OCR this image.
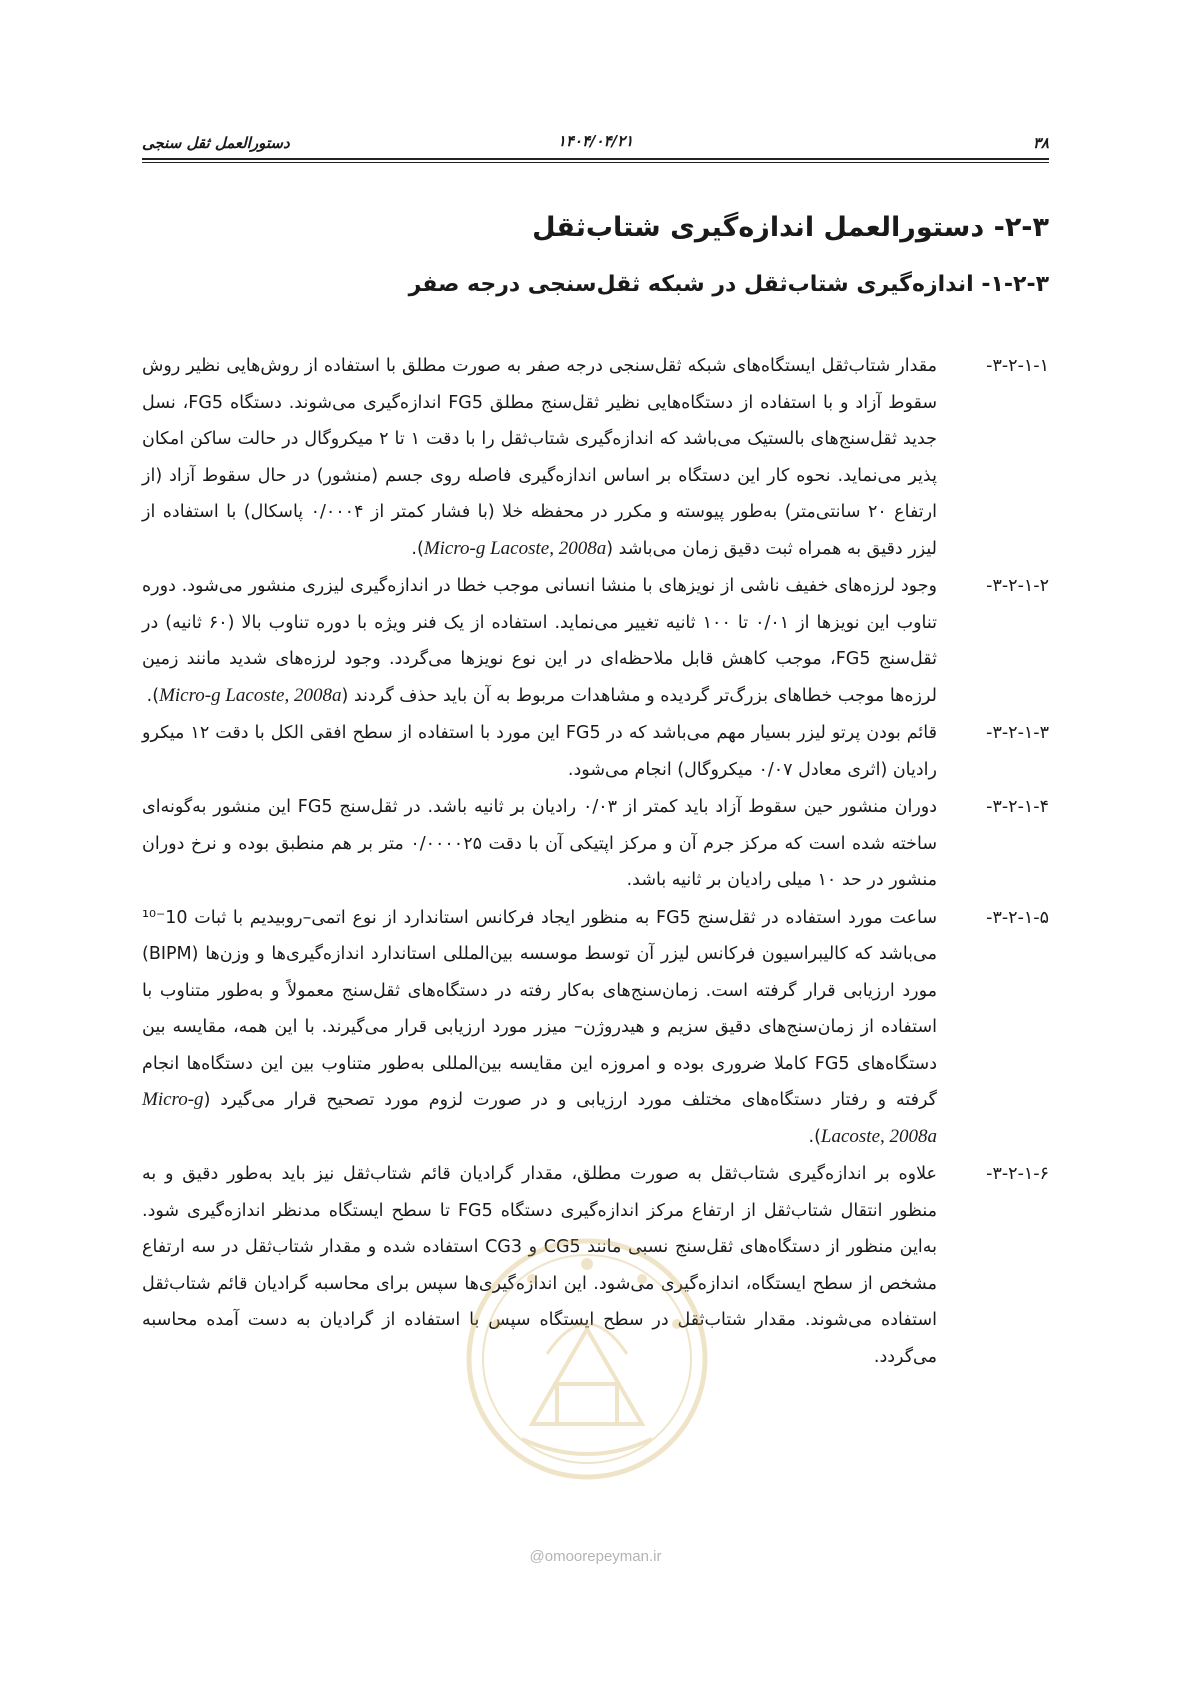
۳۸
۱۴۰۴/۰۴/۲۱
دستورالعمل ثقل سنجی
۲-۳- دستورالعمل اندازه‌گیری شتاب‌ثقل
۱-۲-۳- اندازه‌گیری شتاب‌ثقل در شبکه ثقل‌سنجی درجه صفر
۳-۲-۱-۱-

مقدار شتاب‌ثقل ایستگاه‌های شبکه ثقل‌سنجی درجه صفر به صورت مطلق با استفاده از روش‌هایی نظیر روش سقوط آزاد و با استفاده از دستگاه‌هایی نظیر ثقل‌سنج مطلق FG5 اندازه‌گیری می‌شوند. دستگاه FG5، نسل جدید ثقل‌سنج‌های بالستیک می‌باشد که اندازه‌گیری شتاب‌ثقل را با دقت ۱ تا ۲ میکروگال در حالت ساکن امکان پذیر می‌نماید. نحوه کار این دستگاه بر اساس اندازه‌گیری فاصله روی جسم (منشور) در حال سقوط آزاد (از ارتفاع ۲۰ سانتی‌متر) به‌طور پیوسته و مکرر در محفظه خلا (با فشار کمتر از ۰/۰۰۰۴ پاسکال) با استفاده از لیزر دقیق به همراه ثبت دقیق زمان می‌باشد (Micro-g Lacoste, 2008a).

۳-۲-۱-۲-

وجود لرزه‌های خفیف ناشی از نویزهای با منشا انسانی موجب خطا در اندازه‌گیری لیزری منشور می‌شود. دوره تناوب این نویزها از ۰/۰۱ تا ۱۰۰ ثانیه تغییر می‌نماید. استفاده از یک فنر ویژه با دوره تناوب بالا (۶۰ ثانیه) در ثقل‌سنج FG5، موجب کاهش قابل ملاحظه‌ای در این نوع نویزها می‌گردد. وجود لرزه‌های شدید مانند زمین لرزه‌ها موجب خطاهای بزرگ‌تر گردیده و مشاهدات مربوط به آن باید حذف گردند (Micro-g Lacoste, 2008a).

۳-۲-۱-۳-

قائم بودن پرتو لیزر بسیار مهم می‌باشد که در FG5 این مورد با استفاده از سطح افقی الکل با دقت ۱۲ میکرو رادیان (اثری معادل ۰/۰۷ میکروگال) انجام می‌شود.

۳-۲-۱-۴-

دوران منشور حین سقوط آزاد باید کمتر از ۰/۰۳ رادیان بر ثانیه باشد. در ثقل‌سنج FG5 این منشور به‌گونه‌ای ساخته شده است که مرکز جرم آن و مرکز اپتیکی آن با دقت ۰/۰۰۰۰۲۵ متر بر هم منطبق بوده و نرخ دوران منشور در حد ۱۰ میلی رادیان بر ثانیه باشد.

۳-۲-۱-۵-

ساعت مورد استفاده در ثقل‌سنج FG5 به منظور ایجاد فرکانس استاندارد از نوع اتمی–روبیدیم با ثبات 10⁻¹⁰ می‌باشد که کالیبراسیون فرکانس لیزر آن توسط موسسه بین‌المللی استاندارد اندازه‌گیری‌ها و وزن‌ها (BIPM) مورد ارزیابی قرار گرفته است. زمان‌سنج‌های به‌کار رفته در دستگاه‌های ثقل‌سنج معمولاً و به‌طور متناوب با استفاده از زمان‌سنج‌های دقیق سزیم و هیدروژن– میزر مورد ارزیابی قرار می‌گیرند. با این همه، مقایسه بین دستگاه‌های FG5 کاملا ضروری بوده و امروزه این مقایسه بین‌المللی به‌طور متناوب بین این دستگاه‌ها انجام گرفته و رفتار دستگاه‌های مختلف مورد ارزیابی و در صورت لزوم مورد تصحیح قرار می‌گیرد (Micro-g Lacoste, 2008a).

۳-۲-۱-۶-

علاوه بر اندازه‌گیری شتاب‌ثقل به صورت مطلق، مقدار گرادیان قائم شتاب‌ثقل نیز باید به‌طور دقیق و به منظور انتقال شتاب‌ثقل از ارتفاع مرکز اندازه‌گیری دستگاه FG5 تا سطح ایستگاه مدنظر اندازه‌گیری شود. به‌این منظور از دستگاه‌های ثقل‌سنج نسبی مانند CG5 و CG3 استفاده شده و مقدار شتاب‌ثقل در سه ارتفاع مشخص از سطح ایستگاه، اندازه‌گیری می‌شود. این اندازه‌گیری‌ها سپس برای محاسبه گرادیان قائم شتاب‌ثقل استفاده می‌شوند. مقدار شتاب‌ثقل در سطح ایستگاه سپس با استفاده از گرادیان به دست آمده محاسبه می‌گردد.

@omoorepeyman.ir
